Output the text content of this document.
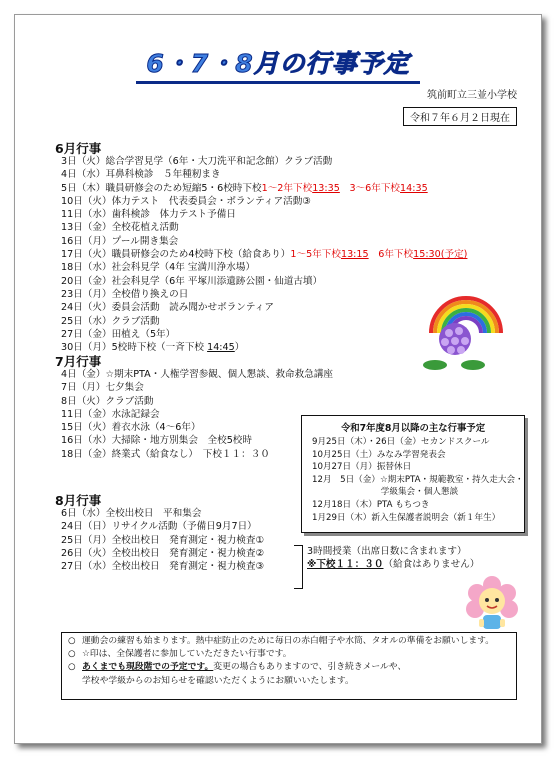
6・7・8月の行事予定
筑前町立三並小学校
令和７年６月２日現在
6月行事
3日（火）総合学習見学（6年・大刀洗平和記念館）クラブ活動
4日（水）耳鼻科検診　５年種籾まき
5日（木）職員研修会のため短縮5・6校時下校1～2年下校13:35　 3～6年下校14:35
10日（火）体力テスト　代表委員会・ボランティア活動③
11日（水）歯科検診　体力テスト予備日
13日（金）全校花植え活動
16日（月）プール開き集会
17日（火）職員研修会のため4校時下校（給食あり）1～5年下校13:15　6年下校15:30(予定)
18日（水）社会科見学（4年 宝満川浄水場）
20日（金）社会科見学（6年 平塚川添遺跡公園・仙道古墳）
23日（月）全校借り換えの日
24日（火）委員会活動　読み聞かせボランティア
25日（水）クラブ活動
27日（金）田植え（5年）
30日（月）5校時下校（一斉下校 14:45）
7月行事
4日（金）☆期末PTA・人権学習参観、個人懇談、救命救急講座
7日（月）七夕集会
8日（火）クラブ活動
11日（金）水泳記録会
15日（火）着衣水泳（4～6年）
16日（水）大掃除・地方別集会　全校5校時
18日（金）終業式（給食なし）　下校１１：３０
令和7年度8月以降の主な行事予定
9月25日（木）・26日（金）セカンドスクール
10月25日（土）みなみ学習発表会
10月27日（月）振替休日
12月　5日（金）☆期末PTA・規範教室・持久走大会・
　　　　　　　　学級集会・個人懇談
12月18日（木）PTA もちつき
1月29日（木）新入生保護者説明会（新１年生）
8月行事
6日（水）全校出校日　平和集会
24日（日）リサイクル活動（予備日9月7日）
25日（月）全校出校日　発育測定・視力検査①
26日（火）全校出校日　発育測定・視力検査②
27日（水）全校出校日　発育測定・視力検査③
3時間授業（出席日数に含まれます）
※下校１１：３０（給食はありません）
○ 運動会の練習も始まります。熱中症防止のために毎日の赤白帽子や水筒、タオルの準備をお願いします。
○ ☆印は、全保護者に参加していただきたい行事です。
○ あくまでも現段階での予定です。変更の場合もありますので、引き続きメールや、
学校や学級からのお知らせを確認いただくようにお願いいたします。
